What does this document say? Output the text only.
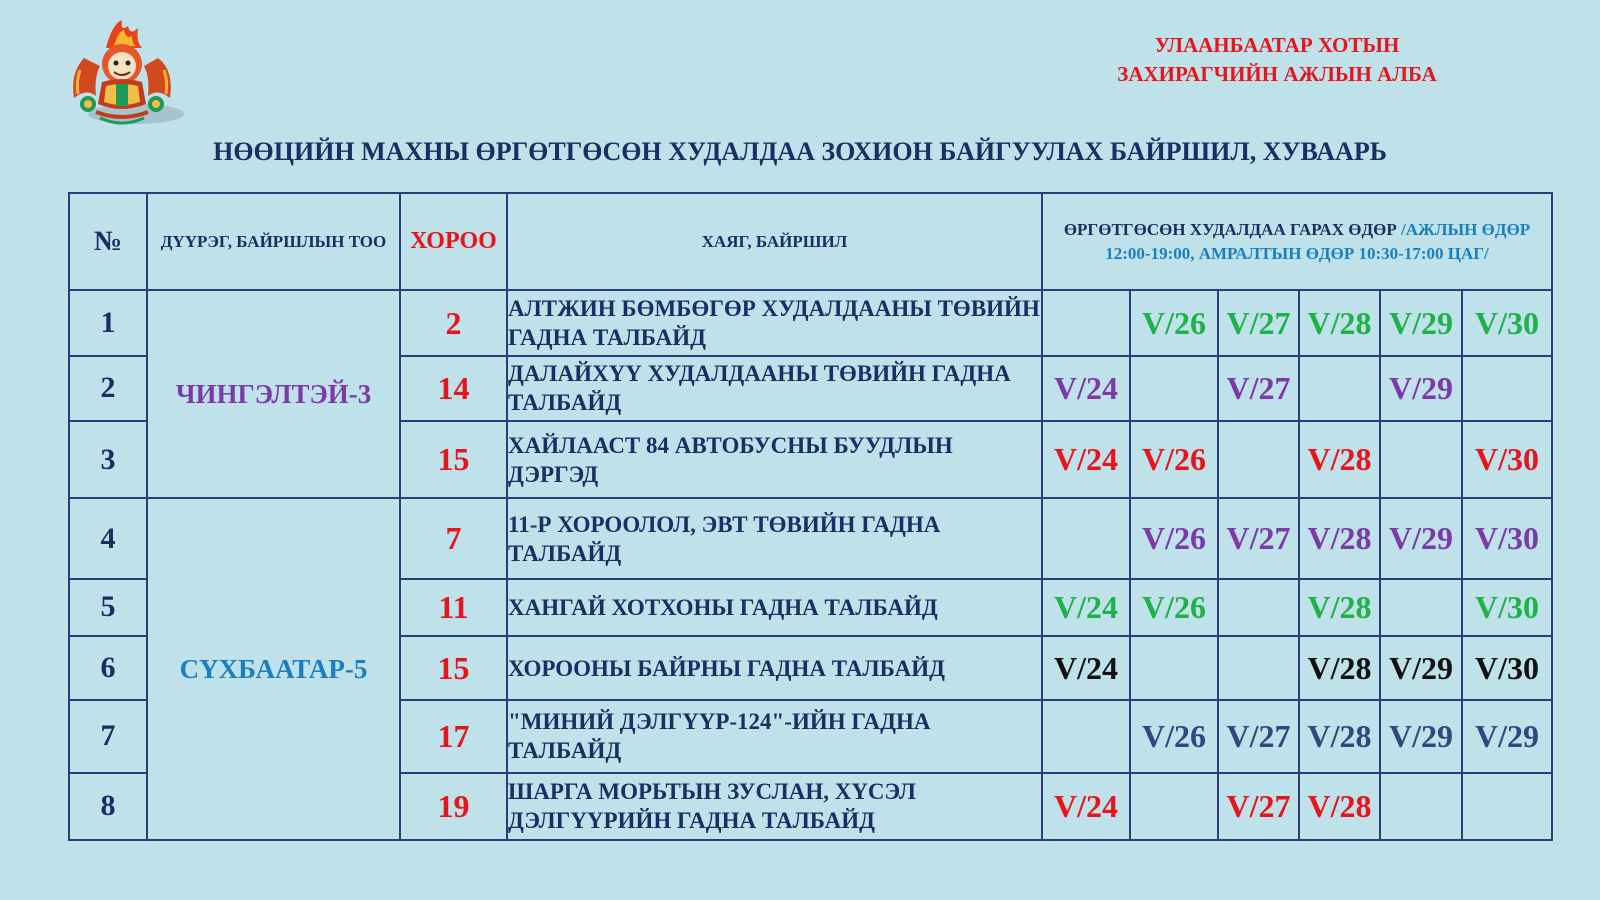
УЛААНБААТАР ХОТЫН
ЗАХИРАГЧИЙН АЖЛЫН АЛБА
НӨӨЦИЙН МАХНЫ ӨРГӨТГӨСӨН ХУДАЛДАА ЗОХИОН БАЙГУУЛАХ БАЙРШИЛ, ХУВААРЬ
№	ДҮҮРЭГ, БАЙРШЛЫН ТОО	ХОРОО	ХАЯГ, БАЙРШИЛ	ӨРГӨТГӨСӨН ХУДАЛДАА ГАРАХ ӨДӨР /АЖЛЫН ӨДӨР 12:00-19:00, АМРАЛТЫН ӨДӨР 10:30-17:00 ЦАГ/					
1	ЧИНГЭЛТЭЙ-3	2	АЛТЖИН БӨМБӨГӨР ХУДАЛДААНЫ ТӨВИЙН ГАДНА ТАЛБАЙД		V/26	V/27	V/28	V/29	V/30
2		14	ДАЛАЙХҮҮ ХУДАЛДААНЫ ТӨВИЙН ГАДНА ТАЛБАЙД	V/24		V/27		V/29	
3		15	ХАЙЛААСТ 84 АВТОБУСНЫ БУУДЛЫН ДЭРГЭД	V/24	V/26		V/28		V/30
4	СҮХБААТАР-5	7	11-Р ХОРООЛОЛ, ЭВТ ТӨВИЙН ГАДНА ТАЛБАЙД		V/26	V/27	V/28	V/29	V/30
5		11	ХАНГАЙ ХОТХОНЫ ГАДНА ТАЛБАЙД	V/24	V/26		V/28		V/30
6		15	ХОРООНЫ БАЙРНЫ ГАДНА ТАЛБАЙД	V/24			V/28	V/29	V/30
7		17	"МИНИЙ ДЭЛГҮҮР-124"-ИЙН ГАДНА ТАЛБАЙД		V/26	V/27	V/28	V/29	V/29
8		19	ШАРГА МОРЬТЫН ЗУСЛАН, ХҮСЭЛ ДЭЛГҮҮРИЙН ГАДНА ТАЛБАЙД	V/24		V/27	V/28		
